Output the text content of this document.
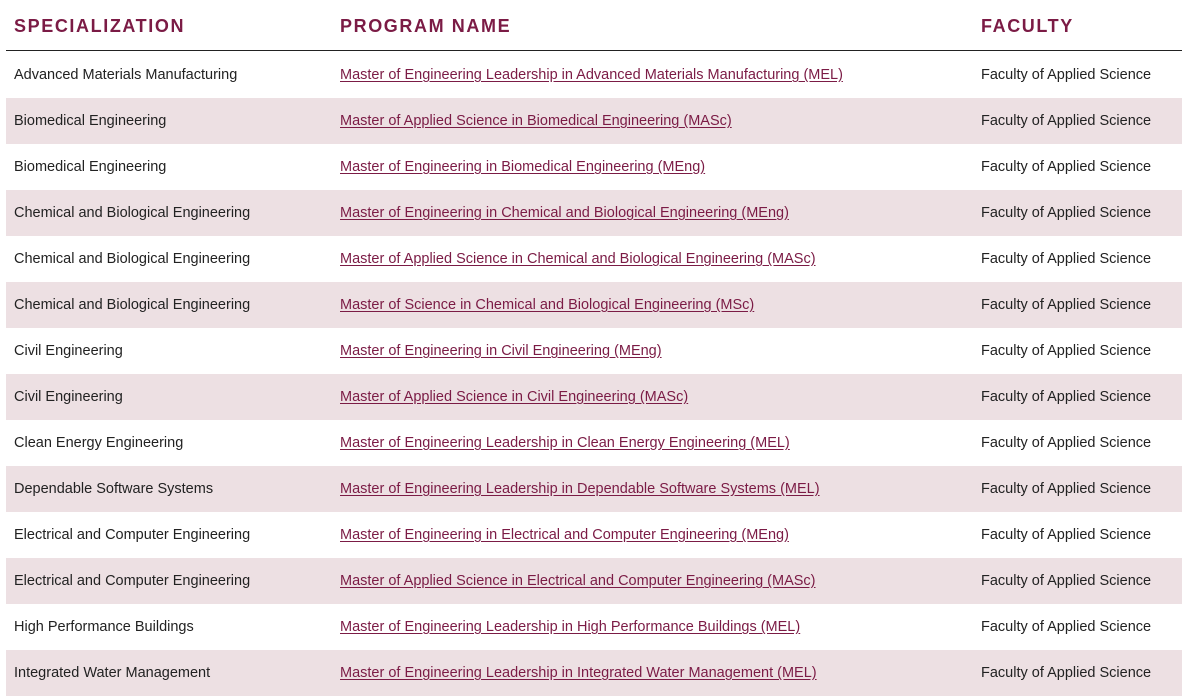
SPECIALIZATION	PROGRAM NAME	FACULTY
Advanced Materials Manufacturing	Master of Engineering Leadership in Advanced Materials Manufacturing (MEL)	Faculty of Applied Science
Biomedical Engineering	Master of Applied Science in Biomedical Engineering (MASc)	Faculty of Applied Science
Biomedical Engineering	Master of Engineering in Biomedical Engineering (MEng)	Faculty of Applied Science
Chemical and Biological Engineering	Master of Engineering in Chemical and Biological Engineering (MEng)	Faculty of Applied Science
Chemical and Biological Engineering	Master of Applied Science in Chemical and Biological Engineering (MASc)	Faculty of Applied Science
Chemical and Biological Engineering	Master of Science in Chemical and Biological Engineering (MSc)	Faculty of Applied Science
Civil Engineering	Master of Engineering in Civil Engineering (MEng)	Faculty of Applied Science
Civil Engineering	Master of Applied Science in Civil Engineering (MASc)	Faculty of Applied Science
Clean Energy Engineering	Master of Engineering Leadership in Clean Energy Engineering (MEL)	Faculty of Applied Science
Dependable Software Systems	Master of Engineering Leadership in Dependable Software Systems (MEL)	Faculty of Applied Science
Electrical and Computer Engineering	Master of Engineering in Electrical and Computer Engineering (MEng)	Faculty of Applied Science
Electrical and Computer Engineering	Master of Applied Science in Electrical and Computer Engineering (MASc)	Faculty of Applied Science
High Performance Buildings	Master of Engineering Leadership in High Performance Buildings (MEL)	Faculty of Applied Science
Integrated Water Management	Master of Engineering Leadership in Integrated Water Management (MEL)	Faculty of Applied Science
